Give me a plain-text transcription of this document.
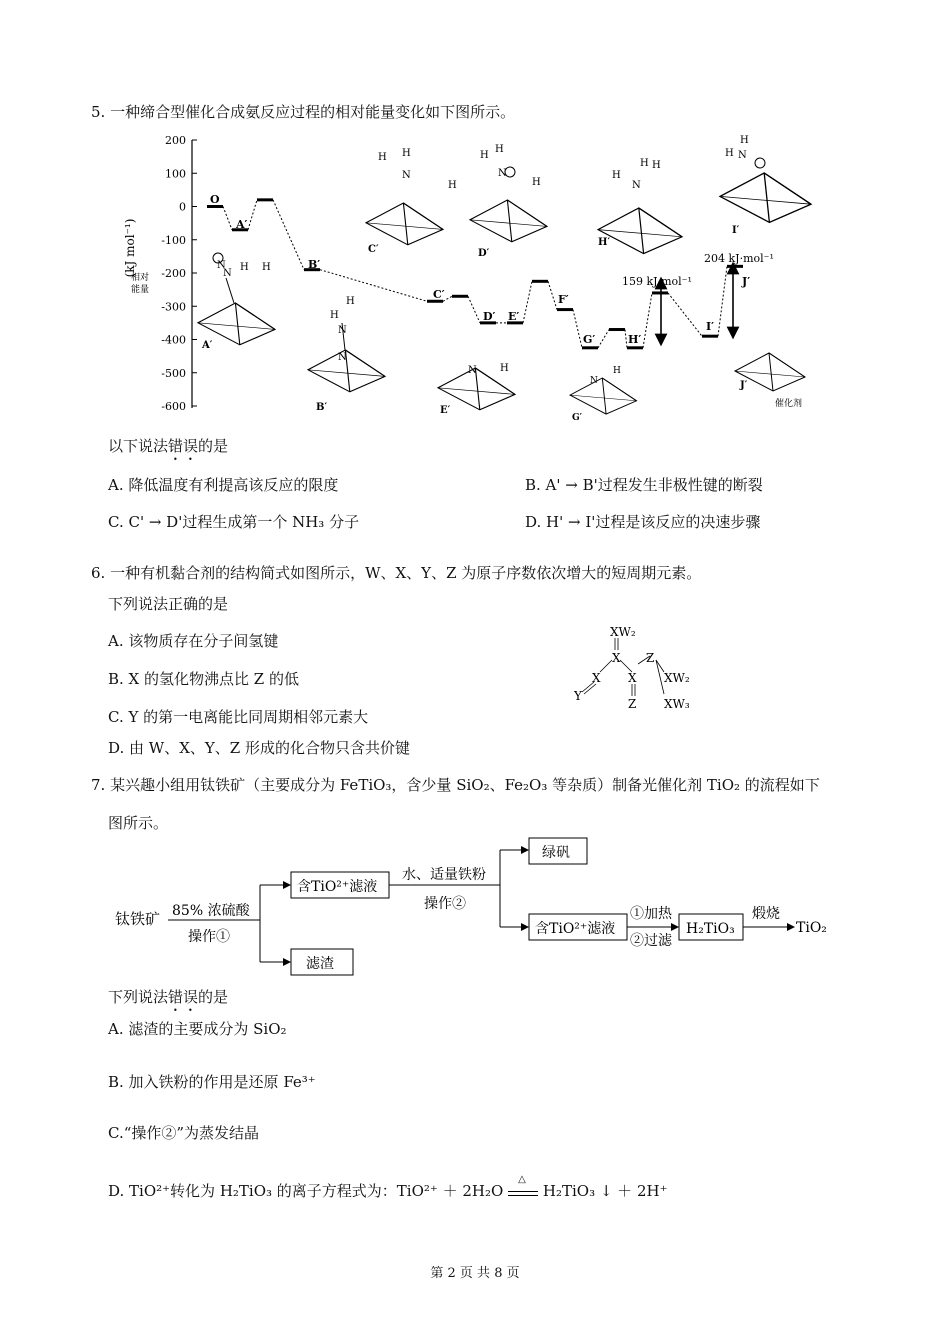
5. 一种缔合型催化合成氨反应过程的相对能量变化如下图所示。
200
100
0
-100
-200
-300
-400
-500
-600
(kJ mol⁻¹)
相对
能量
O
A′
B′
C′
D′ E′
F′
G′	H′
I′
J′
159 kJ·mol⁻¹
204 kJ·mol⁻¹
N
N H H
A′
N
N
H
H
B′
N
H H
H
C′
N
H
H
H
D′
N H
E′
N
H
G′
N
H
H H
H′
N
H
H
I′
J′
催化剂
以下说法错误的是
A. 降低温度有利提高该反应的限度	B. A' → B'过程发生非极性键的断裂
C. C' → D'过程生成第一个 NH₃ 分子	D. H' → I'过程是该反应的决速步骤
6. 一种有机黏合剂的结构简式如图所示，W、X、Y、Z 为原子序数依次增大的短周期元素。
下列说法正确的是
A. 该物质存在分子间氢键
B. X 的氢化物沸点比 Z 的低
C. Y 的第一电离能比同周期相邻元素大
D. 由 W、X、Y、Z 形成的化合物只含共价键
XW₂
X Z
X X XW₂
Y
Z XW₃
7. 某兴趣小组用钛铁矿（主要成分为 FeTiO₃，含少量 SiO₂、Fe₂O₃ 等杂质）制备光催化剂 TiO₂ 的流程如下
图所示。
钛铁矿 85% 浓硫酸
操作①
含TiO²⁺滤液
滤渣
水、适量铁粉
操作②
绿矾
含TiO²⁺滤液
①加热
②过滤
H₂TiO₃
煅烧
TiO₂
下列说法错误的是
A. 滤渣的主要成分为 SiO₂
B. 加入铁粉的作用是还原 Fe³⁺
C.“操作②”为蒸发结晶
D. TiO²⁺转化为 H₂TiO₃ 的离子方程式为：TiO²⁺ ＋ 2H₂O
△
H₂TiO₃ ↓ ＋ 2H⁺
第 2 页 共 8 页
